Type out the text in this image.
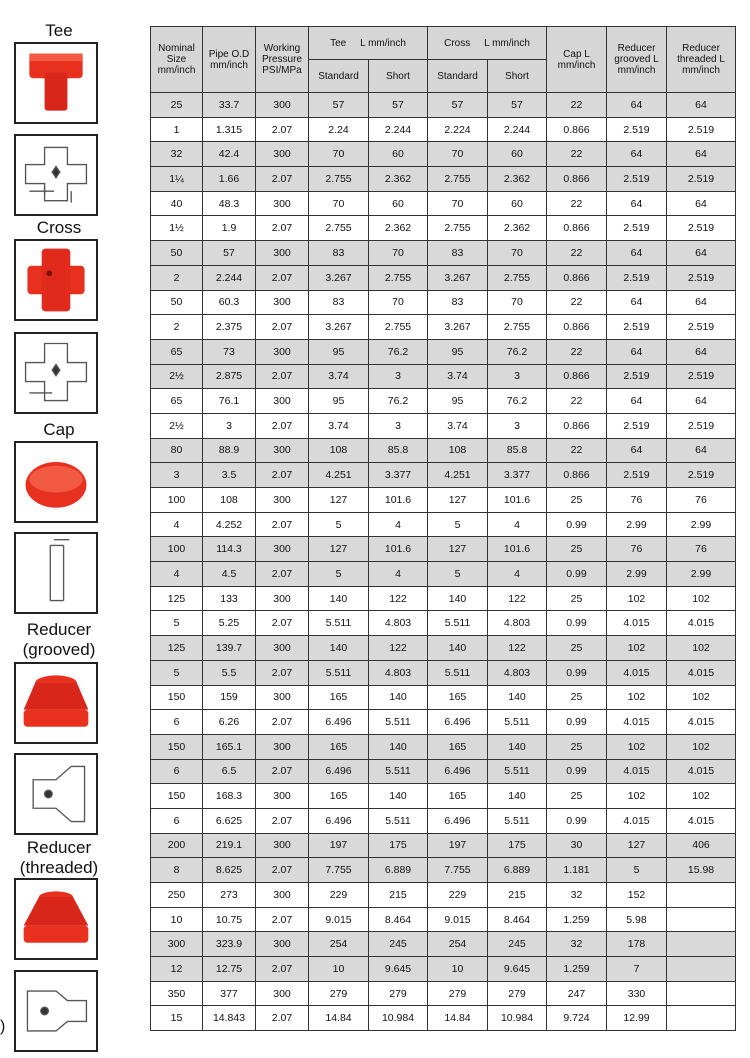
Tee
Cross
Cap
Reducer
(grooved)
Reducer
(threaded)
)
Nominal Size mm/inch	Pipe O.D mm/inch	Working Pressure PSI/MPa	Tee     L mm/inch		Cross     L mm/inch		Cap L mm/inch	Reducer grooved L mm/inch	Reducer threaded L mm/inch
			Standard	Short	Standard	Short			
25	33.7	300	57	57	57	57	22	64	64
1	1.315	2.07	2.24	2.244	2.224	2.244	0.866	2.519	2.519
32	42.4	300	70	60	70	60	22	64	64
1¼	1.66	2.07	2.755	2.362	2.755	2.362	0.866	2.519	2.519
40	48.3	300	70	60	70	60	22	64	64
1½	1.9	2.07	2.755	2.362	2.755	2.362	0.866	2.519	2.519
50	57	300	83	70	83	70	22	64	64
2	2.244	2.07	3.267	2.755	3.267	2.755	0.866	2.519	2.519
50	60.3	300	83	70	83	70	22	64	64
2	2.375	2.07	3.267	2.755	3.267	2.755	0.866	2.519	2.519
65	73	300	95	76.2	95	76.2	22	64	64
2½	2.875	2.07	3.74	3	3.74	3	0.866	2.519	2.519
65	76.1	300	95	76.2	95	76.2	22	64	64
2½	3	2.07	3.74	3	3.74	3	0.866	2.519	2.519
80	88.9	300	108	85.8	108	85.8	22	64	64
3	3.5	2.07	4.251	3.377	4.251	3.377	0.866	2.519	2.519
100	108	300	127	101.6	127	101.6	25	76	76
4	4.252	2.07	5	4	5	4	0.99	2.99	2.99
100	114.3	300	127	101.6	127	101.6	25	76	76
4	4.5	2.07	5	4	5	4	0.99	2.99	2.99
125	133	300	140	122	140	122	25	102	102
5	5.25	2.07	5.511	4.803	5.511	4.803	0.99	4.015	4.015
125	139.7	300	140	122	140	122	25	102	102
5	5.5	2.07	5.511	4.803	5.511	4.803	0.99	4.015	4.015
150	159	300	165	140	165	140	25	102	102
6	6.26	2.07	6.496	5.511	6.496	5.511	0.99	4.015	4.015
150	165.1	300	165	140	165	140	25	102	102
6	6.5	2.07	6.496	5.511	6.496	5.511	0.99	4.015	4.015
150	168.3	300	165	140	165	140	25	102	102
6	6.625	2.07	6.496	5.511	6.496	5.511	0.99	4.015	4.015
200	219.1	300	197	175	197	175	30	127	406
8	8.625	2.07	7.755	6.889	7.755	6.889	1.181	5	15.98
250	273	300	229	215	229	215	32	152	
10	10.75	2.07	9.015	8.464	9.015	8.464	1.259	5.98	
300	323.9	300	254	245	254	245	32	178	
12	12.75	2.07	10	9.645	10	9.645	1.259	7	
350	377	300	279	279	279	279	247	330	
15	14.843	2.07	14.84	10.984	14.84	10.984	9.724	12.99	
